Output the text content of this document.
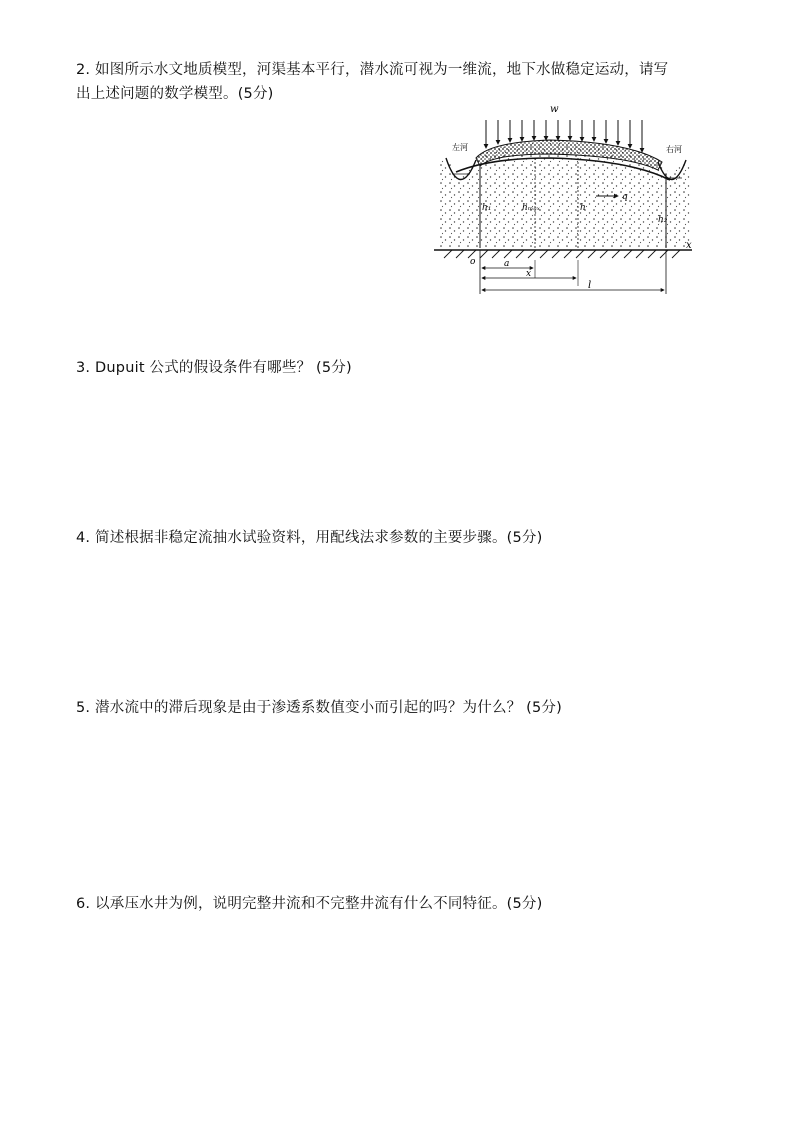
2. 如图所示水文地质模型，河渠基本平行，潜水流可视为一维流，地下水做稳定运动，请写
出上述问题的数学模型。(5分)
w
左河	右河
h₁	hₘₐₓ	h
h₂
q
o
x
a
x
l
3. Dupuit 公式的假设条件有哪些？ (5分)
4. 简述根据非稳定流抽水试验资料，用配线法求参数的主要步骤。(5分)
5. 潜水流中的滞后现象是由于渗透系数值变小而引起的吗？为什么？ (5分)
6. 以承压水井为例，说明完整井流和不完整井流有什么不同特征。(5分)
